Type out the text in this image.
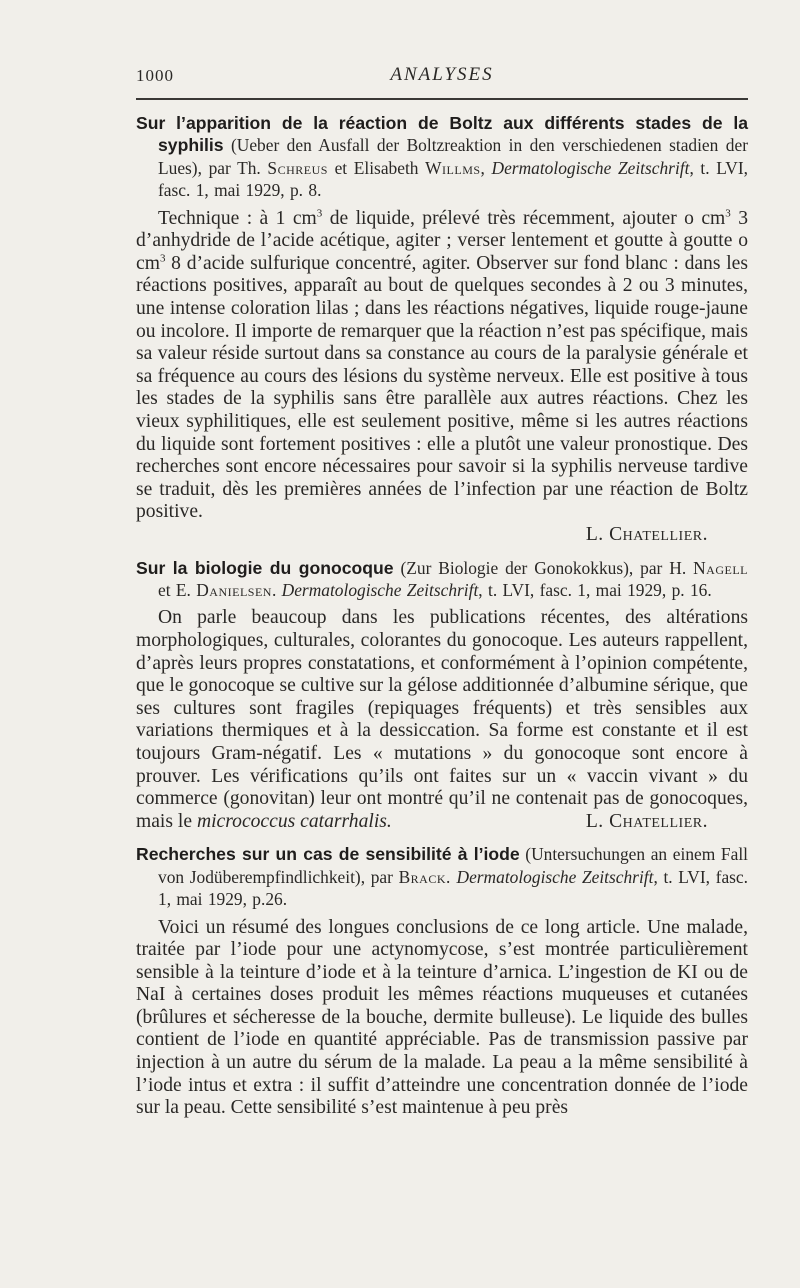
1000	ANALYSES

Sur l’apparition de la réaction de Boltz aux différents stades de la syphilis (Ueber den Ausfall der Boltzreaktion in den verschiedenen stadien der Lues), par Th. Schreus et Elisabeth Willms, Dermatologische Zeitschrift, t. LVI, fasc. 1, mai 1929, p. 8.

Technique : à 1 $cm^3$ de liquide, prélevé très récemment, ajouter o $cm^3$ 3 d’anhydride de l’acide acétique, agiter ; verser lentement et goutte à goutte o $cm^3$ 8 d’acide sulfurique concentré, agiter. Observer sur fond blanc : dans les réactions positives, apparaît au bout de quelques secondes à 2 ou 3 minutes, une intense coloration lilas ; dans les réactions négatives, liquide rouge-jaune ou incolore. Il importe de remarquer que la réaction n’est pas spécifique, mais sa valeur réside surtout dans sa constance au cours de la paralysie générale et sa fréquence au cours des lésions du système nerveux. Elle est positive à tous les stades de la syphilis sans être parallèle aux autres réactions. Chez les vieux syphilitiques, elle est seulement positive, même si les autres réactions du liquide sont fortement positives : elle a plutôt une valeur pronostique. Des recherches sont encore nécessaires pour savoir si la syphilis nerveuse tardive se traduit, dès les premières années de l’infection par une réaction de Boltz positive.

L. Chatellier.

Sur la biologie du gonocoque (Zur Biologie der Gonokokkus), par H. Nagell et E. Danielsen. Dermatologische Zeitschrift, t. LVI, fasc. 1, mai 1929, p. 16.

On parle beaucoup dans les publications récentes, des altérations morphologiques, culturales, colorantes du gonocoque. Les auteurs rappellent, d’après leurs propres constatations, et conformément à l’opinion compétente, que le gonocoque se cultive sur la gélose additionnée d’albumine sérique, que ses cultures sont fragiles (repiquages fréquents) et très sensibles aux variations thermiques et à la dessiccation. Sa forme est constante et il est toujours Gram-négatif. Les « mutations » du gonocoque sont encore à prouver. Les vérifications qu’ils ont faites sur un « vaccin vivant » du commerce (gonovitan) leur ont montré qu’il ne contenait pas de gonocoques, mais le micrococcus catarrhalis.	L. Chatellier.

Recherches sur un cas de sensibilité à l’iode (Untersuchungen an einem Fall von Jodüberempfindlichkeit), par Brack. Dermatologische Zeitschrift, t. LVI, fasc. 1, mai 1929, p.26.

Voici un résumé des longues conclusions de ce long article. Une malade, traitée par l’iode pour une actynomycose, s’est montrée particulièrement sensible à la teinture d’iode et à la teinture d’arnica. L’ingestion de KI ou de NaI à certaines doses produit les mêmes réactions muqueuses et cutanées (brûlures et sécheresse de la bouche, dermite bulleuse). Le liquide des bulles contient de l’iode en quantité appréciable. Pas de transmission passive par injection à un autre du sérum de la malade. La peau a la même sensibilité à l’iode intus et extra : il suffit d’atteindre une concentration donnée de l’iode sur la peau. Cette sensibilité s’est maintenue à peu près
